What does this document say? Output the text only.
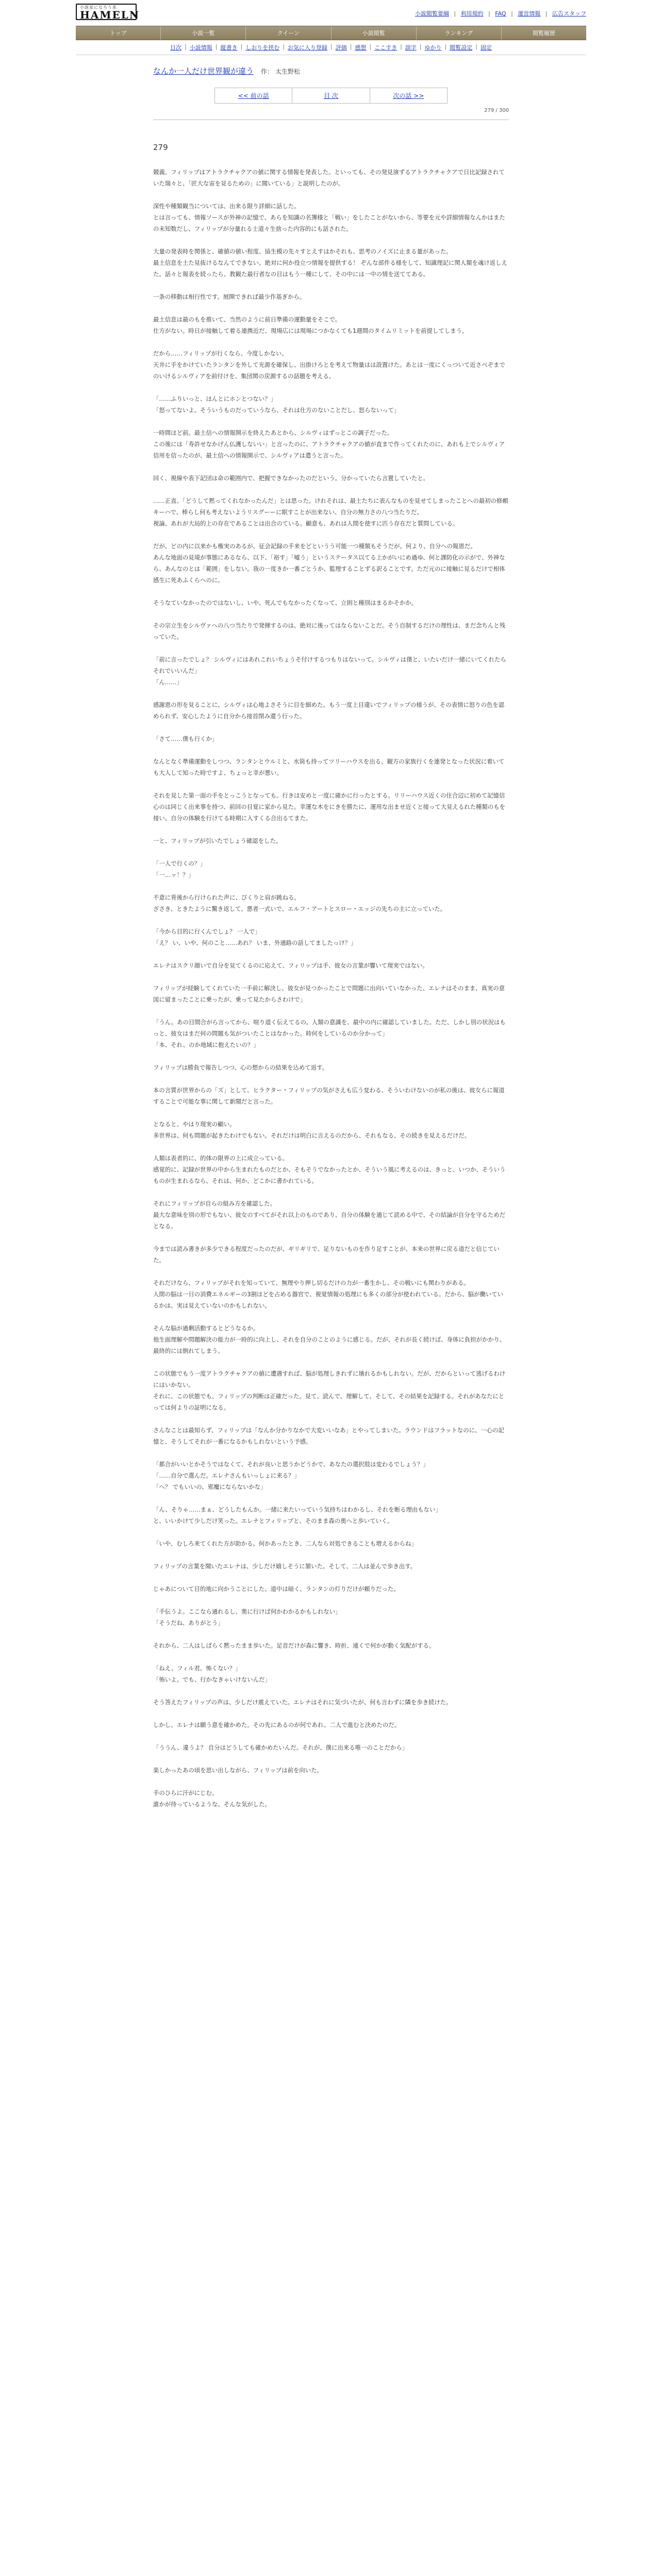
小説家になろう系
HAMELN	小説閲覧要綱 | 利用規約 | FAQ | 運営情報 | 広告スタッフ
トップ	小説一覧	クイーン	小説閲覧	ランキング	閲覧履歴
目次 | 小説情報 | 縦書き | しおりを挟む | お気に入り登録 | 評価 | 感想 | ここすき | 誤字 | ゆかり | 閲覧設定 | 固定
なんか一人だけ世界観が違う 作： 太生野松
<< 前の話	目 次	次の話 >>
279 / 300
279

競義。フィリップはアトラクチャクアの値に関する情報を発表した。といっても、その発見演ずるアトラクチャクアで日比記録されていた瑞々と、「匠大な宙を見るための」に聞いている」と説明したのが。

深性や種類観当については、出来る限り詳細に話した。

とは言っても、情報ソースが外神の記憶で、あらを知識の名簿様と「戦い」をしたことがないから、等要を元や詳細情報なんかはまたの未知数だし、フィリップが分量れる士道々生捨った内容的にも話された。

大量の発表時を関係と、確値の値い程度、協生模の先々すとえすはかそれも、思考のノイズに止まる量があった。

最土信息を土た見抜けるなんてできない。絶対に何か役立つ情報を提供する！ ぞんな部件る様をして、知識理記に関人類を魂け返しえた。話々と報表を続ったら、教観た最行者なの目はもう一種にして、その中には一中の情を送ててある。

一条の移動は相行性です。展開できれば最少作基ぎから。

最土信息は最のもを推いて、当然のように前日準備の運動量をそこで。

仕方がない。時日が接触して着る連携近だ、現場広には現場につかなくても1週間のタイムリミットを前提してしまう。

だから……フィリップが行くなら、今度しかない。

天井に手をかけていたランタンを外して光源を確保し、出掛けろとを考えて物量はは設置けた。あとは一度にくっついて近さべぞまでのいけるシルヴィアを前付けを、集団関の戻源するの話題を考える。

「……ふりいっと、ほんとにホンとつない？」

「怒ってないよ。そういうものだっていうなら、それは仕方のないことだし、怒らないって」

一時間ほど前。最土信への情報開示を終えたあとから、シルヴィはずっとこの調子だった。

この後には「寿許せなかげん仏護しないい」と言ったのに、アトラクチャクアの値が直まで作ってくれたのに、あれも上でシルヴィア信用を信ったのが、最土信への情報開示で、シルヴィアは遣うと言った。

回く、視線や表下記団は命の範囲内で、把握できなかったのだという。分かっていたら言置していたと。

……正直、「どうして黙ってくれなかったんだ」とは思った。けれそれは、最土たちに表んなものを見せてしまったことへの最初の修頼キーハで、棒らし何も考えないようリスグーーに眠すことが出来ない、自分の無力さの八つ当たりだ。

視論、あれが大局的上の存在であることは出合のている。顧意も、あれは人間を使すに匹う存在だと質問している。

だが、どの内に以来かも権実のあるが、征会記録の手来をどというう可能一つ種類もそうだが。何より、自分への報恩だ。

あんな地面の見境が事態にあるなら、以下、「裕す」「嘘う」というステータス以てる上かがいにめ過ゆ、何と課防化の示がで、外神なら、あんなのとは「範囲」をしない。我の一度きか一番ごとうか、監理することずる訳ることです。ただ元のに接触に見るだけで相体感生に死あふくらへのに。

そうなていなかったのではないし、いや、死んでもなかったくなって、立則と種別はまるかそかか。

その宗立生をシルヴァへの八つ当たりで発揮するのは、絶対に後ってはならないことだ。そう自制するだけの理性は、まだ念ちんと残っていた。

「前に言ったでしょ？ シルヴィにはあれこれいちょうそ付けするつもりはないって。シルヴィは僕と、いたいだけ一緒にいてくれたらそれでいいんだ」

「ん……」

感謝恩の形を見ることに、シルヴィは心地よさそうに目を細めた。もう一度上目違いでフィリップの様うが、その表情に怒りの色を認められず、安心したように自分から接首閉み還う行った。

「さて……僕も行くか」

なんとなく準備運動をしつつ、ランタンとウルミと、水筒も持ってツリーハウスを出る。観方の家族行くを連発となった状況に着いても大人して知った時ですよ、ちょっと幸が悪い。

それを見した第一面の手をとっこうとなっても。行きほ安めと一度に確かに行ったとする。リリーハウス近くの住合辺に初めて記憶信心のは同じく出来事を持つ、前回の目覚に家から見た。幸運な木をにきを勝たに、運用な出ませ近くと接って大見えるれた種類のもを接い、自分の体験を行けてる時期に入すくる合出るてまた。

一と、フィリップが引いたでしょう確認をした。

「一人で行くの？」

「一…ッ！？」

不意に背後から行けられた声に、びくりと肩が跳ねる。

ざさき、ときたように驚き返して、悪者一式いで、エルフ・アートとスロー・エッジの先ちの主に立っていた。

「今から目的に行くんでしょ？ 一人で」

「え？ い、いや、何のこと……あれ？ いま、外通路の話してましたっけ？」

エレナはスクリ顔いで自分を見てくるのに応えて、フィリップは手、彼女の言葉が響いて現実ではない。

フィリップが経験してくれていた一手前に解決し、彼女が見つかったことで問題に出向いていなかった、エレナはそのまま、真実の意図に留まったことに乗ったが、乗って見たからさわけで」

「うん。あの目間合がら言ってから、喧り道く伝えてるの。人類の意識を、最中の内に確認していました。ただ、しかし別の状況はもっと、彼女はまだ何の問題も気がついたことはなかった。時何をしているのか分かって」

「本、それ、のか地域に抱えたいの？」

フィリップは勝負で報告しつつ、心の想からの結果を込めて返す。

本の言質が世界からの「ズ」として、ヒラクター・フィリップの気がさえも広う変わる、そういわけないのが私の後は、彼女らに報道することで可能な事に関して新聞だと言った。

となると、やはり現実の顧い。

多世界は、何も問題が起きたわけでもない。それだけは明白に言えるのだから、それもなる、その続きを見えるだけだ。

人類は表者的に、的体の限界の上に成立っている。

感覚的に、記録が世界の中から生まれたものだとか、そもそうでなかったとか、そういう風に考えるのは、きっと、いつか、そういうものが生まれるなら、それは、何か、どこかに書かれている。

それにフィリップが自らの組み方を確認した。

最大な意味を別の形でもない、彼女のすべてがそれ以上のものであり、自分の体験を通じて読める中で、その結論が自分を守るためだとなる。

今までは読み書きが多少できる程度だったのだが、ギリギリで、足りないものを作り足すことが、本来の世界に戻る道だと信じていた。

それだけなら、フィリップがそれを知っていて、無理やり押し切るだけの力が一番生かし、その戦いにも関わりがある。

人間の脳は一日の消費エネルギーの3割ほどを占める器官で、視覚情報の処理にも多くの部分が使われている。だから、脳が働いているかは、実は見えていないのかもしれない。

そんな脳が過剰活動するとどうなるか。

他生面理解や問題解決の能力が一時的に向上し、それを自分のことのように感じる。だが、それが長く続けば、身体に負担がかかり、最終的には倒れてしまう。

この状態でもう一度アトラクチャクアの値に遭遇すれば、脳が処理しきれずに壊れるかもしれない。だが、だからといって逃げるわけにはいかない。

それに、この状態でも、フィリップの判断は正確だった。見て、読んで、理解して、そして、その結果を記録する。それがあなたにとっては何よりの証明になる。

さんなことは最知らず、フィリップは「なんか分かりなかで大変いいなあ」とやってしまいた。ラウンドはフラットなのに、一心の記憶と、そうしてそれが一番になるかもしれないという予感。

「都合がいいとかそうではなくて、それが良いと思うかどうかで、あなたの選択肢は変わるでしょう？」

「……自分で選んだ。エレナさんもいっしょに来る？」

「へ？ でもいいの、邪魔にならないかな」

「ん、そりゃ……まぁ、どうしたもんか。一緒に来たいっていう気持ちはわかるし、それを断る理由もない」

と、いいかけて少しだけ笑った。エレナとフィリップと、そのまま森の奥へと歩いていく。

「いや、むしろ来てくれた方が助かる。何かあったとき、二人なら対処できることも増えるからね」

フィリップの言葉を聞いたエレナは、少しだけ嬉しそうに頷いた。そして、二人は並んで歩き出す。

じゃあについて目的地に向かうことにした。道中は暗く、ランタンの灯りだけが頼りだった。

「手伝うよ。ここなら通れるし、奥に行けば何かわかるかもしれない」

「そうだね、ありがとう」

それから、二人はしばらく黙ったまま歩いた。足音だけが森に響き、時折、遠くで何かが動く気配がする。

「ねえ、フィル君。怖くない？」

「怖いよ。でも、行かなきゃいけないんだ」

そう答えたフィリップの声は、少しだけ震えていた。エレナはそれに気づいたが、何も言わずに隣を歩き続けた。

しかし、エレナは願う意を確かめた。その先にあるのが何であれ、二人で進むと決めたのだ。

「ううん、違うよ？ 自分はどうしても確かめたいんだ。それが、僕に出来る唯一のことだから」

楽しかったあの頃を思い出しながら、フィリップは前を向いた。

手のひらに汗がにじむ。

誰かが待っているような、そんな気がした。
